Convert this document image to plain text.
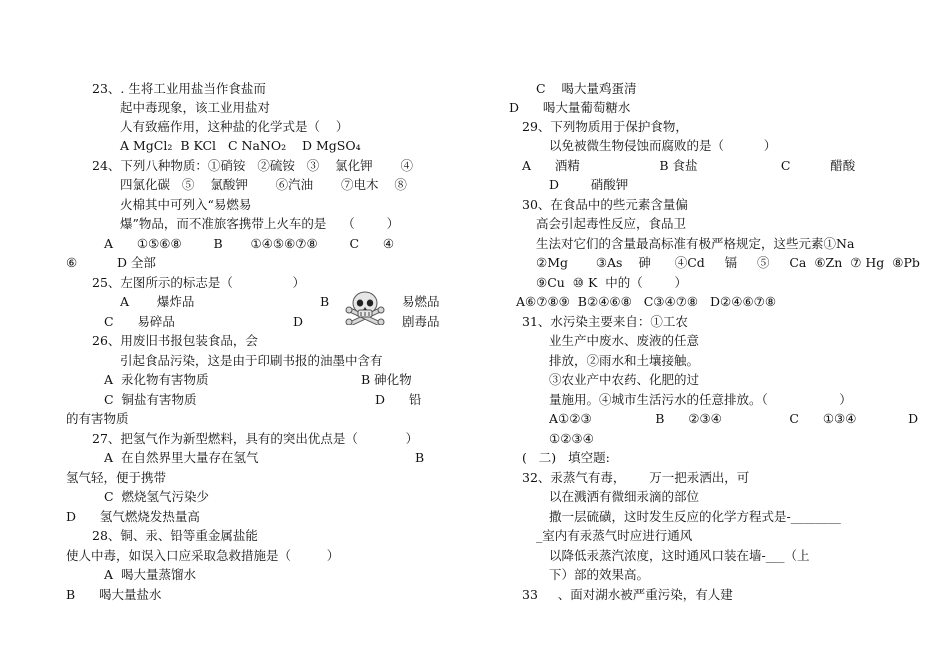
23、. 生将工业用盐当作食盐而
起中毒现象，该工业用盐对
人有致癌作用，这种盐的化学式是（    ）
A MgCl₂  B KCl   C NaNO₂    D MgSO₄
24、下列八种物质：①硝铵   ②硫铵   ③    氯化钾       ④
四氯化碳   ⑤    氯酸钾       ⑥汽油       ⑦电木    ⑧
火棉其中可列入“易燃易
爆”物品，而不准旅客携带上火车的是    （        ）
A      ①⑤⑥⑧        B       ①④⑤⑥⑦⑧        C      ④
⑥          D 全部
25、左图所示的标志是（               ）
A       爆炸品	B	易燃品
C      易碎品	D	剧毒品
26、用废旧书报包装食品，会
引起食品污染，这是由于印刷书报的油墨中含有
A  汞化物有害物质	B 砷化物
C  铜盐有害物质	D      铅
的有害物质
27、把氢气作为新型燃料，具有的突出优点是（            ）
A  在自然界里大量存在氢气	B
氢气轻，便于携带
C  燃烧氢气污染少
D      氢气燃烧发热量高
28、铜、汞、铅等重金属盐能
使人中毒，如误入口应采取急救措施是（         ）
A  喝大量蒸馏水
B      喝大量盐水
C    喝大量鸡蛋清
D      喝大量葡萄糖水
29、下列物质用于保护食物，
以免被微生物侵蚀而腐败的是（          ）
A      酒精                    B 食盐                     C          醋酸
D        硝酸钾
30、在食品中的些元素含量偏
高会引起毒性反应，食品卫
生法对它们的含量最高标准有极严格规定，这些元素①Na
②Mg       ③As    砷      ④Cd     镉     ⑤     Ca  ⑥Zn  ⑦ Hg  ⑧Pb
⑨Cu  ⑩ K  中的（        ）
A⑥⑦⑧⑨  B②④⑥⑧   C③④⑦⑧   D②④⑥⑦⑧
31、水污染主要来自：①工农
业生产中废水、废液的任意
排放，②雨水和土壤接触。
③农业产中农药、化肥的过
量施用。④城市生活污水的任意排放。（                  ）
A①②③                B      ②③④                 C      ①③④             D
①②③④
(   二)   填空题:
32、汞蒸气有毒，      万一把汞洒出，可
以在溅洒有微细汞滴的部位
撒一层硫磺，这时发生反应的化学方程式是-________
_室内有汞蒸气时应进行通风
以降低汞蒸汽浓度，这时通风口装在墙-___（上
下）部的效果高。
33     、面对湖水被严重污染，有人建
